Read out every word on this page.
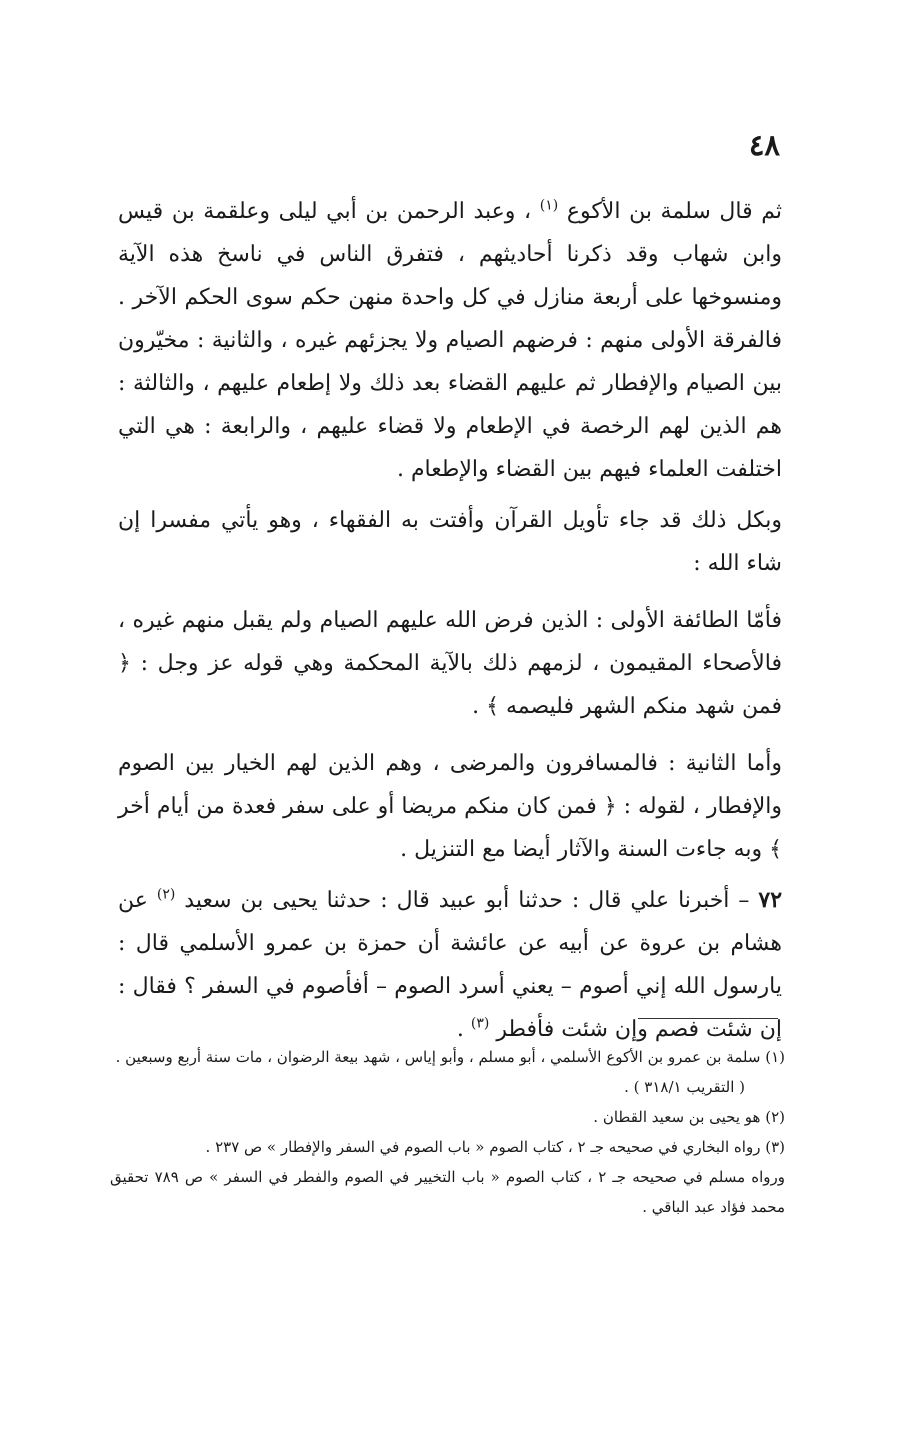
٤٨

ثم قال سلمة بن الأكوع $^{(١)}$ ، وعبد الرحمن بن أبي ليلى وعلقمة بن قيس وابن شهاب وقد ذكرنا أحاديثهم ، فتفرق الناس في ناسخ هذه الآية ومنسوخها على أربعة منازل في كل واحدة منهن حكم سوى الحكم الآخر . فالفرقة الأولى منهم : فرضهم الصيام ولا يجزئهم غيره ، والثانية : مخيّرون بين الصيام والإفطار ثم عليهم القضاء بعد ذلك ولا إطعام عليهم ، والثالثة : هم الذين لهم الرخصة في الإطعام ولا قضاء عليهم ، والرابعة : هي التي اختلفت العلماء فيهم بين القضاء والإطعام .

وبكل ذلك قد جاء تأويل القرآن وأفتت به الفقهاء ، وهو يأتي مفسرا إن شاء الله :

فأمّا الطائفة الأولى : الذين فرض الله عليهم الصيام ولم يقبل منهم غيره ، فالأصحاء المقيمون ، لزمهم ذلك بالآية المحكمة وهي قوله عز وجل : ﴿ فمن شهد منكم الشهر فليصمه ﴾ .

وأما الثانية : فالمسافرون والمرضى ، وهم الذين لهم الخيار بين الصوم والإفطار ، لقوله : ﴿ فمن كان منكم مريضا أو على سفر فعدة من أيام أخر ﴾ وبه جاءت السنة والآثار أيضا مع التنزيل .

٧٢ – أخبرنا علي قال : حدثنا أبو عبيد قال : حدثنا يحيى بن سعيد $^{(٢)}$ عن هشام بن عروة عن أبيه عن عائشة أن حمزة بن عمرو الأسلمي قال : يارسول الله إني أصوم – يعني أسرد الصوم – أفأصوم في السفر ؟ فقال : إن شئت فصم وإن شئت فأفطر $^{(٣)}$ .

(١) سلمة بن عمرو بن الأكوع الأسلمي ، أبو مسلم ، وأبو إياس ، شهد بيعة الرضوان ، مات سنة أربع وسبعين .

( التقريب ٣١٨/١ ) .

(٢) هو يحيى بن سعيد القطان .

(٣) رواه البخاري في صحيحه جـ ٢ ، كتاب الصوم « باب الصوم في السفر والإفطار » ص ٢٣٧ .

ورواه مسلم في صحيحه جـ ٢ ، كتاب الصوم « باب التخيير في الصوم والفطر في السفر » ص ٧٨٩ تحقيق محمد فؤاد عبد الباقي .
